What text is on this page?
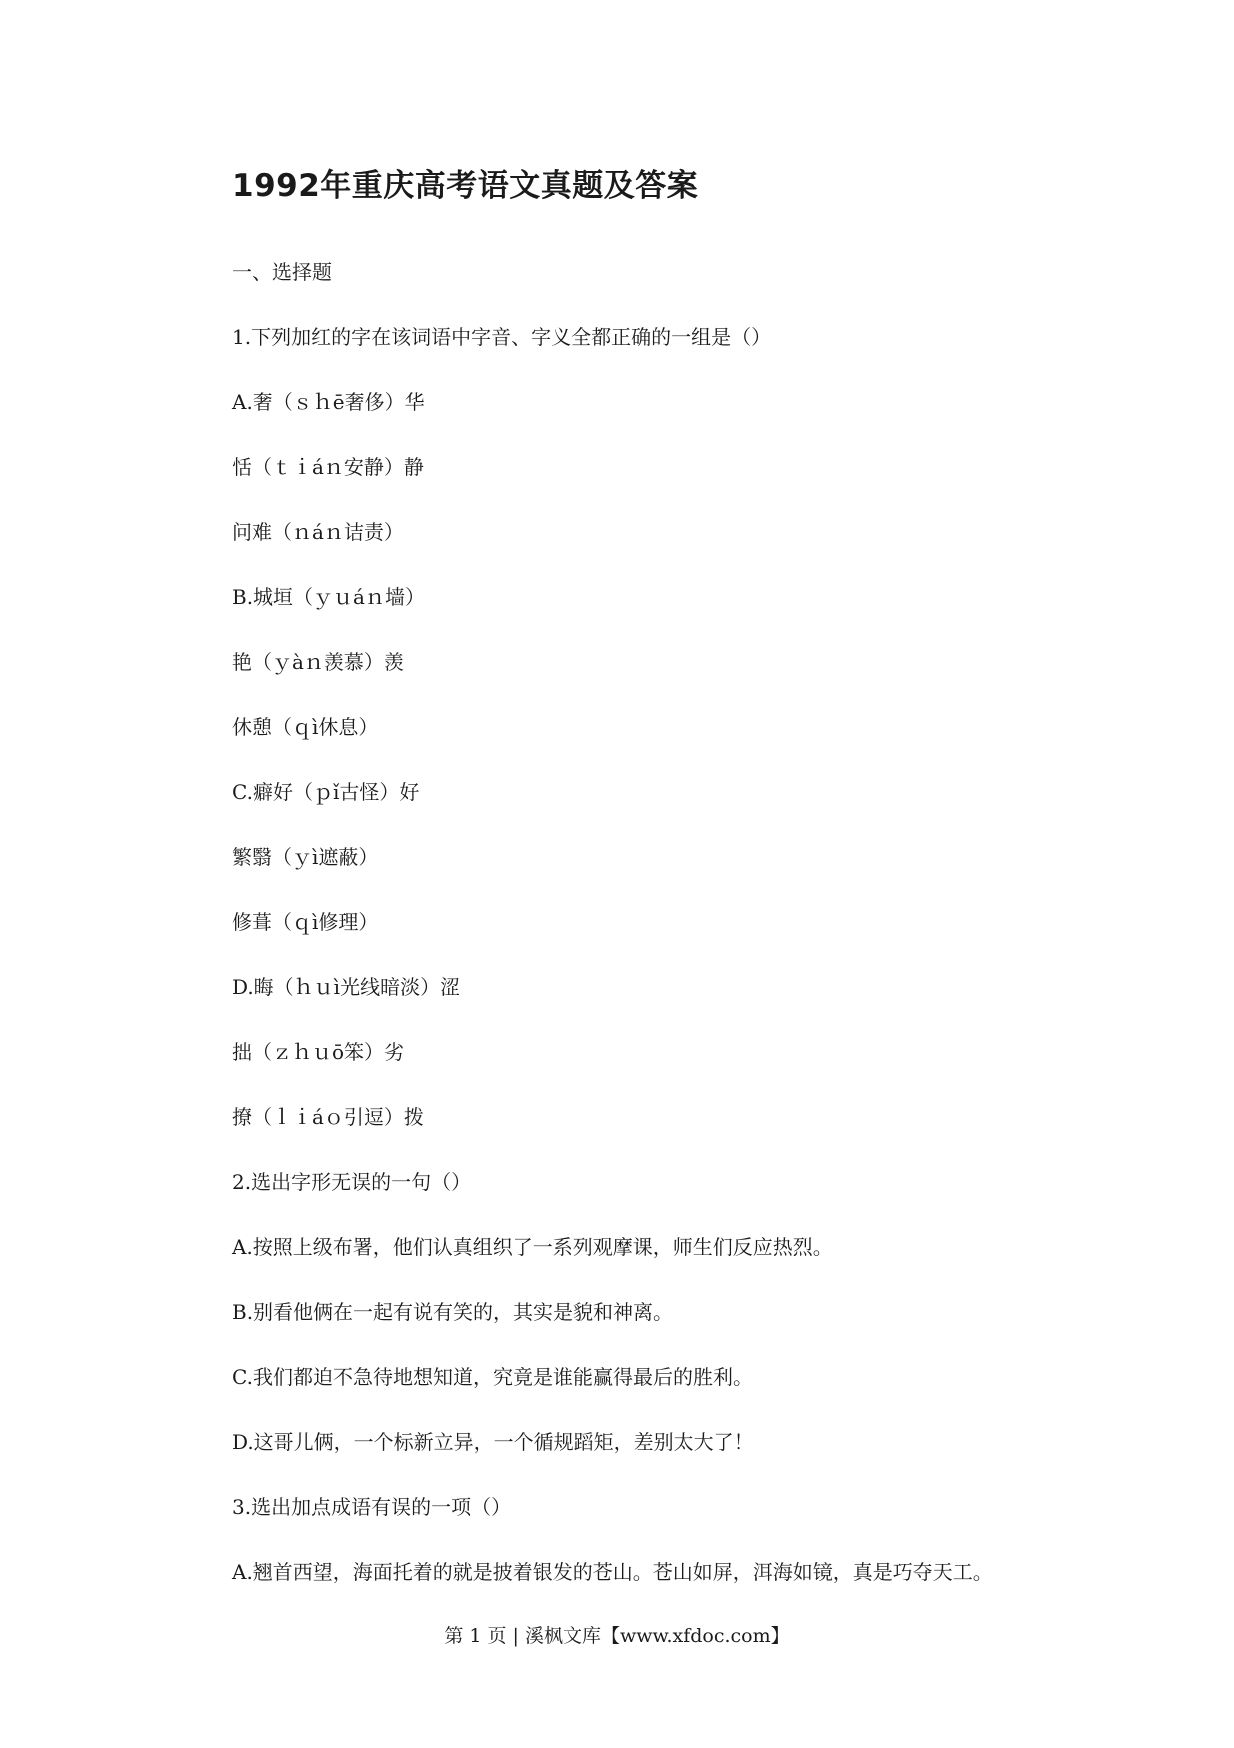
1992年重庆高考语文真题及答案
一、选择题
1.下列加红的字在该词语中字音、字义全都正确的一组是（）
A.奢（ｓｈē奢侈）华
恬（ｔｉáｎ安静）静
问难（ｎáｎ诘责）
B.城垣（ｙｕáｎ墙）
艳（ｙàｎ羡慕）羡
休憩（ｑì休息）
C.癖好（ｐǐ古怪）好
繁翳（ｙì遮蔽）
修葺（ｑì修理）
D.晦（ｈｕì光线暗淡）涩
拙（ｚｈｕō笨）劣
撩（ｌｉáｏ引逗）拨
2.选出字形无误的一句（）
A.按照上级布署，他们认真组织了一系列观摩课，师生们反应热烈。
B.别看他俩在一起有说有笑的，其实是貌和神离。
C.我们都迫不急待地想知道，究竟是谁能赢得最后的胜利。
D.这哥儿俩，一个标新立异，一个循规蹈矩，差别太大了！
3.选出加点成语有误的一项（）
A.翘首西望，海面托着的就是披着银发的苍山。苍山如屏，洱海如镜，真是巧夺天工。
第 1 页 | 溪枫文库【www.xfdoc.com】
